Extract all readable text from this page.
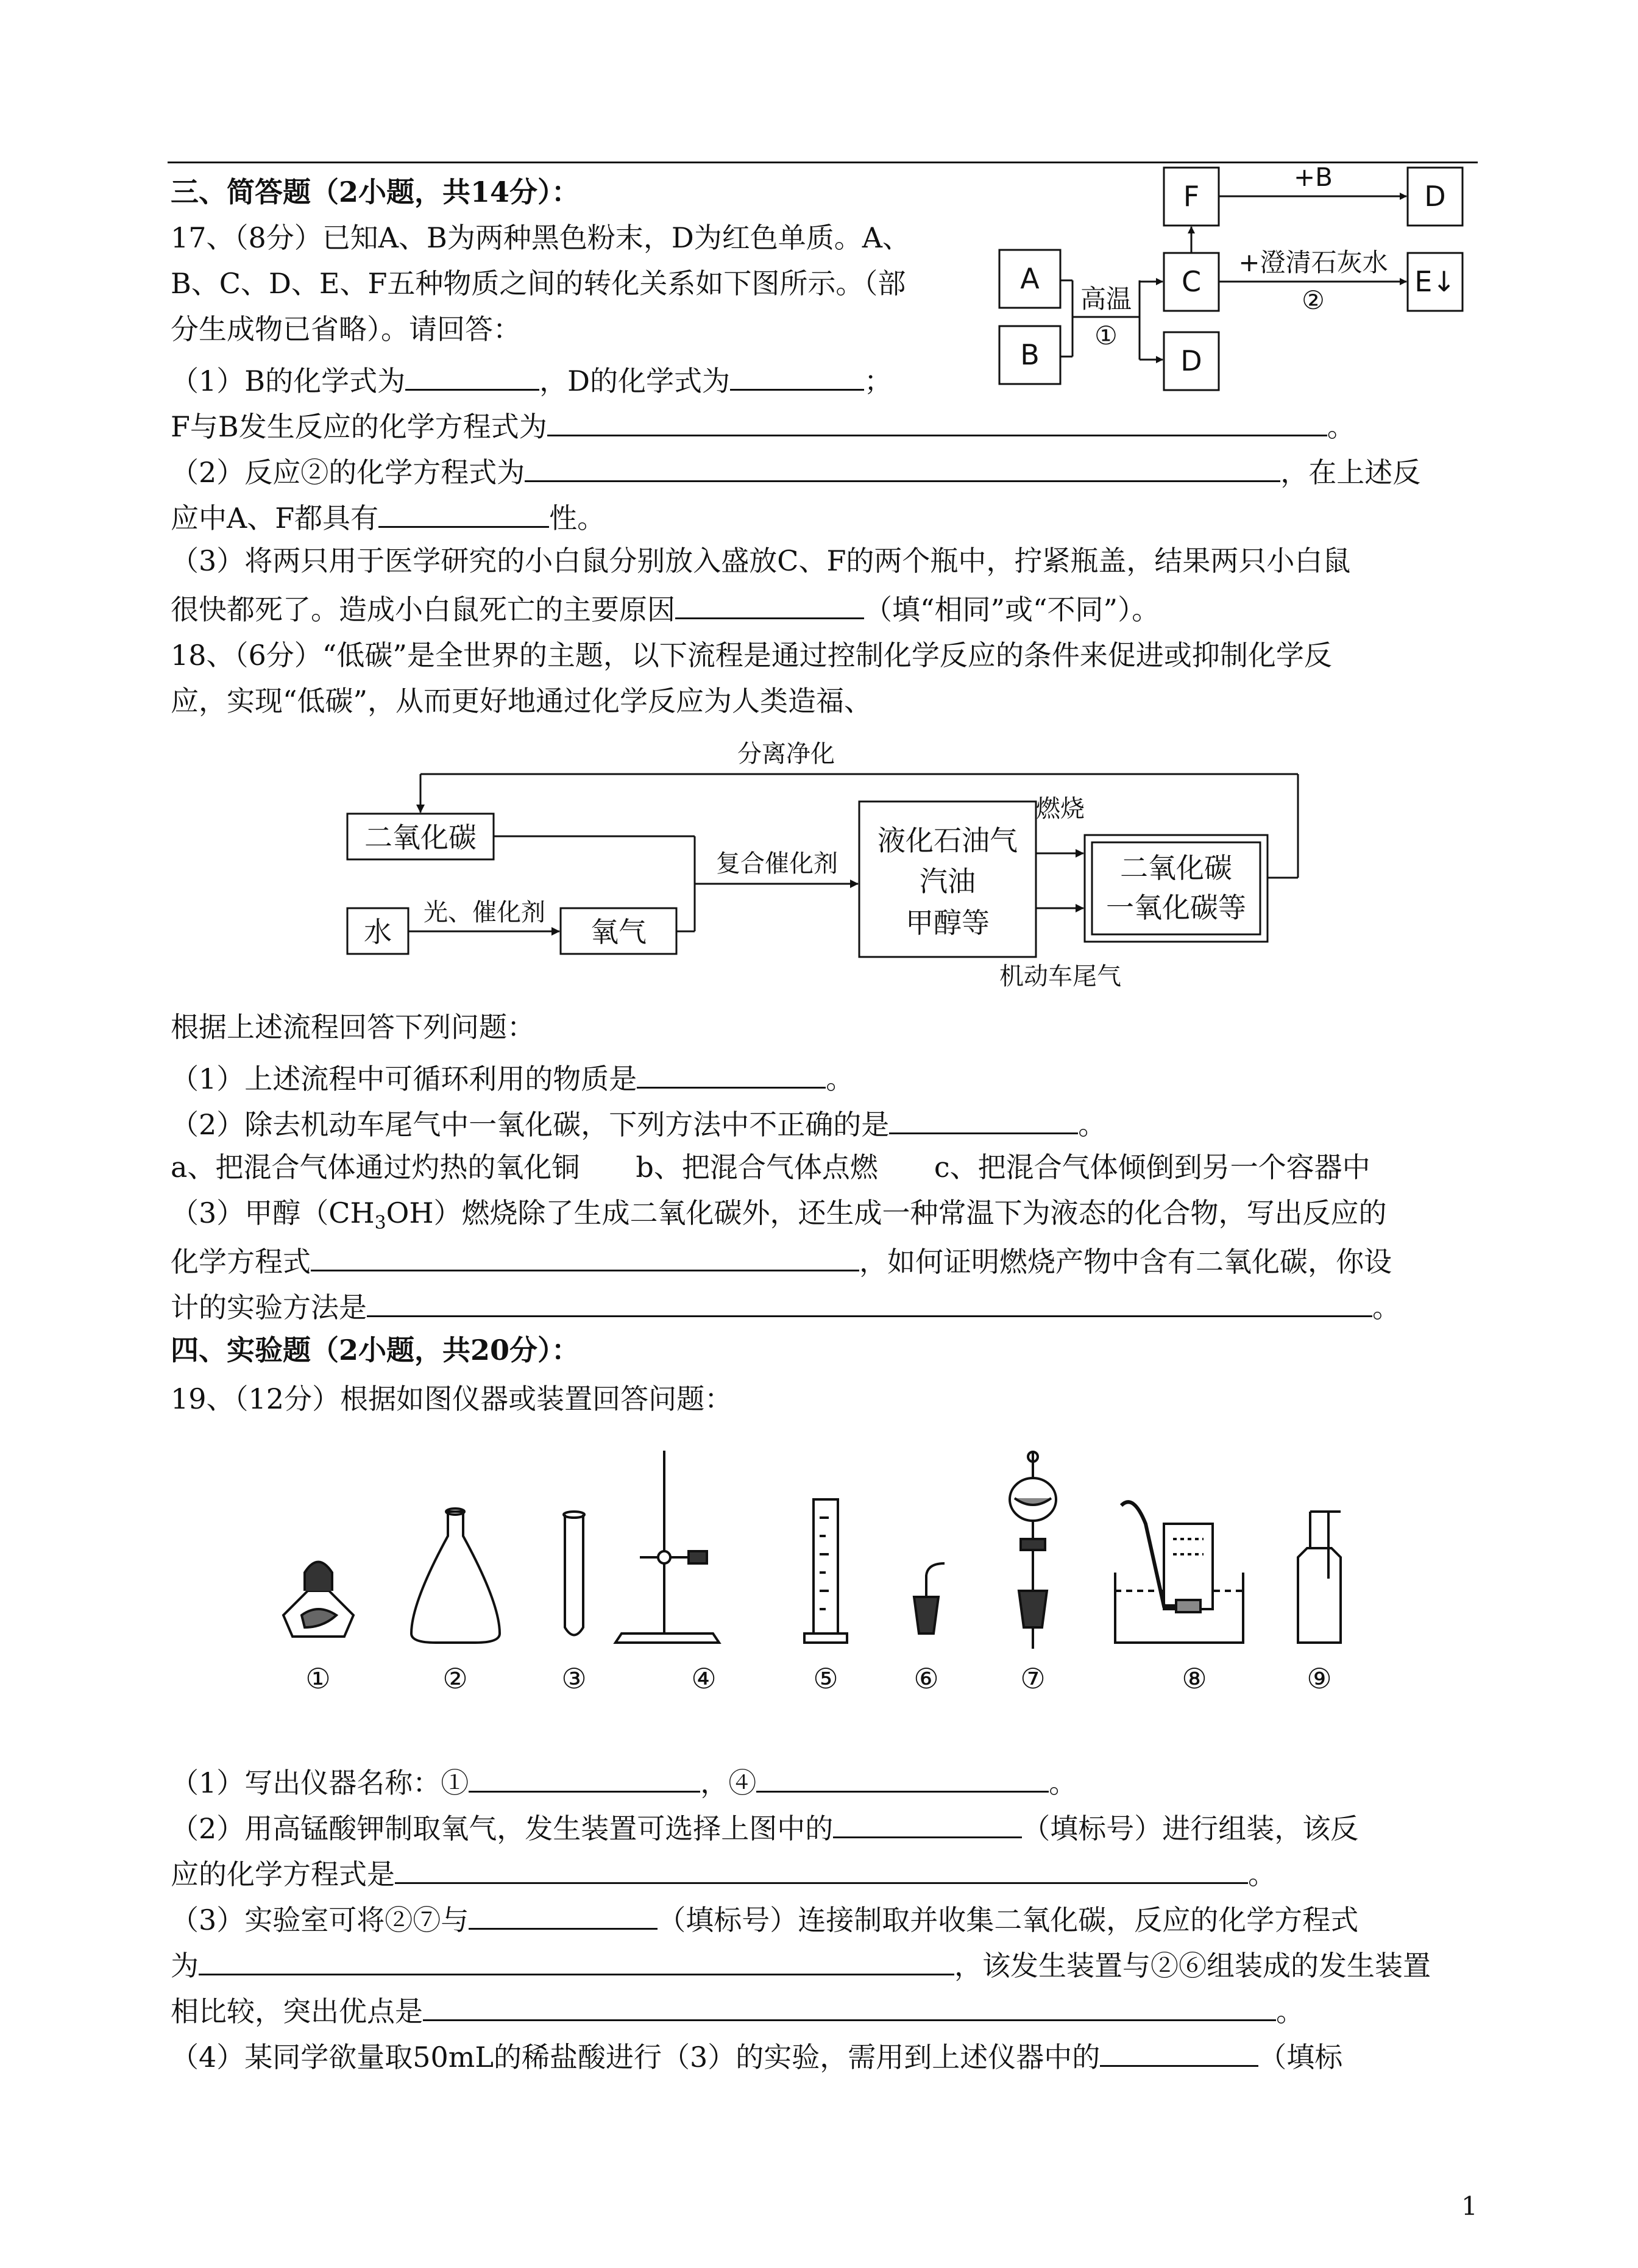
三、简答题（2小题，共14分）：
17、（8分）已知A、B为两种黑色粉末，D为红色单质。A、
B、C、D、E、F五种物质之间的转化关系如下图所示。（部
分生成物已省略）。请回答：
（1）B的化学式为	，D的化学式为	；
F与B发生反应的化学方程式为	。
（2）反应②的化学方程式为	，在上述反
应中A、F都具有	性。
（3）将两只用于医学研究的小白鼠分别放入盛放C、F的两个瓶中，拧紧瓶盖，结果两只小白鼠
很快都死了。造成小白鼠死亡的主要原因	（填“相同”或“不同”）。
A
B
F	D
C	E↓
D
+B
+澄清石灰水
②
高温
①
18、（6分）“低碳”是全世界的主题，以下流程是通过控制化学反应的条件来促进或抑制化学反
应，实现“低碳”，从而更好地通过化学反应为人类造福、
分离净化
二氧化碳
水
光、催化剂
氧气
复合催化剂
液化石油气
汽油
甲醇等
燃烧
二氧化碳
一氧化碳等
机动车尾气
根据上述流程回答下列问题：
（1）上述流程中可循环利用的物质是	。
（2）除去机动车尾气中一氧化碳，下列方法中不正确的是	。
a、把混合气体通过灼热的氧化铜　　b、把混合气体点燃　　c、把混合气体倾倒到另一个容器中
（3）甲醇$(CH_3OH)$燃烧除了生成二氧化碳外，还生成一种常温下为液态的化合物，写出反应的
化学方程式	，如何证明燃烧产物中含有二氧化碳，你设
计的实验方法是	。
四、实验题（2小题，共20分）：
19、（12分）根据如图仪器或装置回答问题：
①	②	③	④	⑤	⑥	⑦	⑧	⑨
（1）写出仪器名称：①	，④	。
（2）用高锰酸钾制取氧气，发生装置可选择上图中的	（填标号）进行组装，该反
应的化学方程式是	。
（3）实验室可将②⑦与	（填标号）连接制取并收集二氧化碳，反应的化学方程式
为	，该发生装置与②⑥组装成的发生装置
相比较，突出优点是	。
（4）某同学欲量取50mL的稀盐酸进行（3）的实验，需用到上述仪器中的	（填标
1
